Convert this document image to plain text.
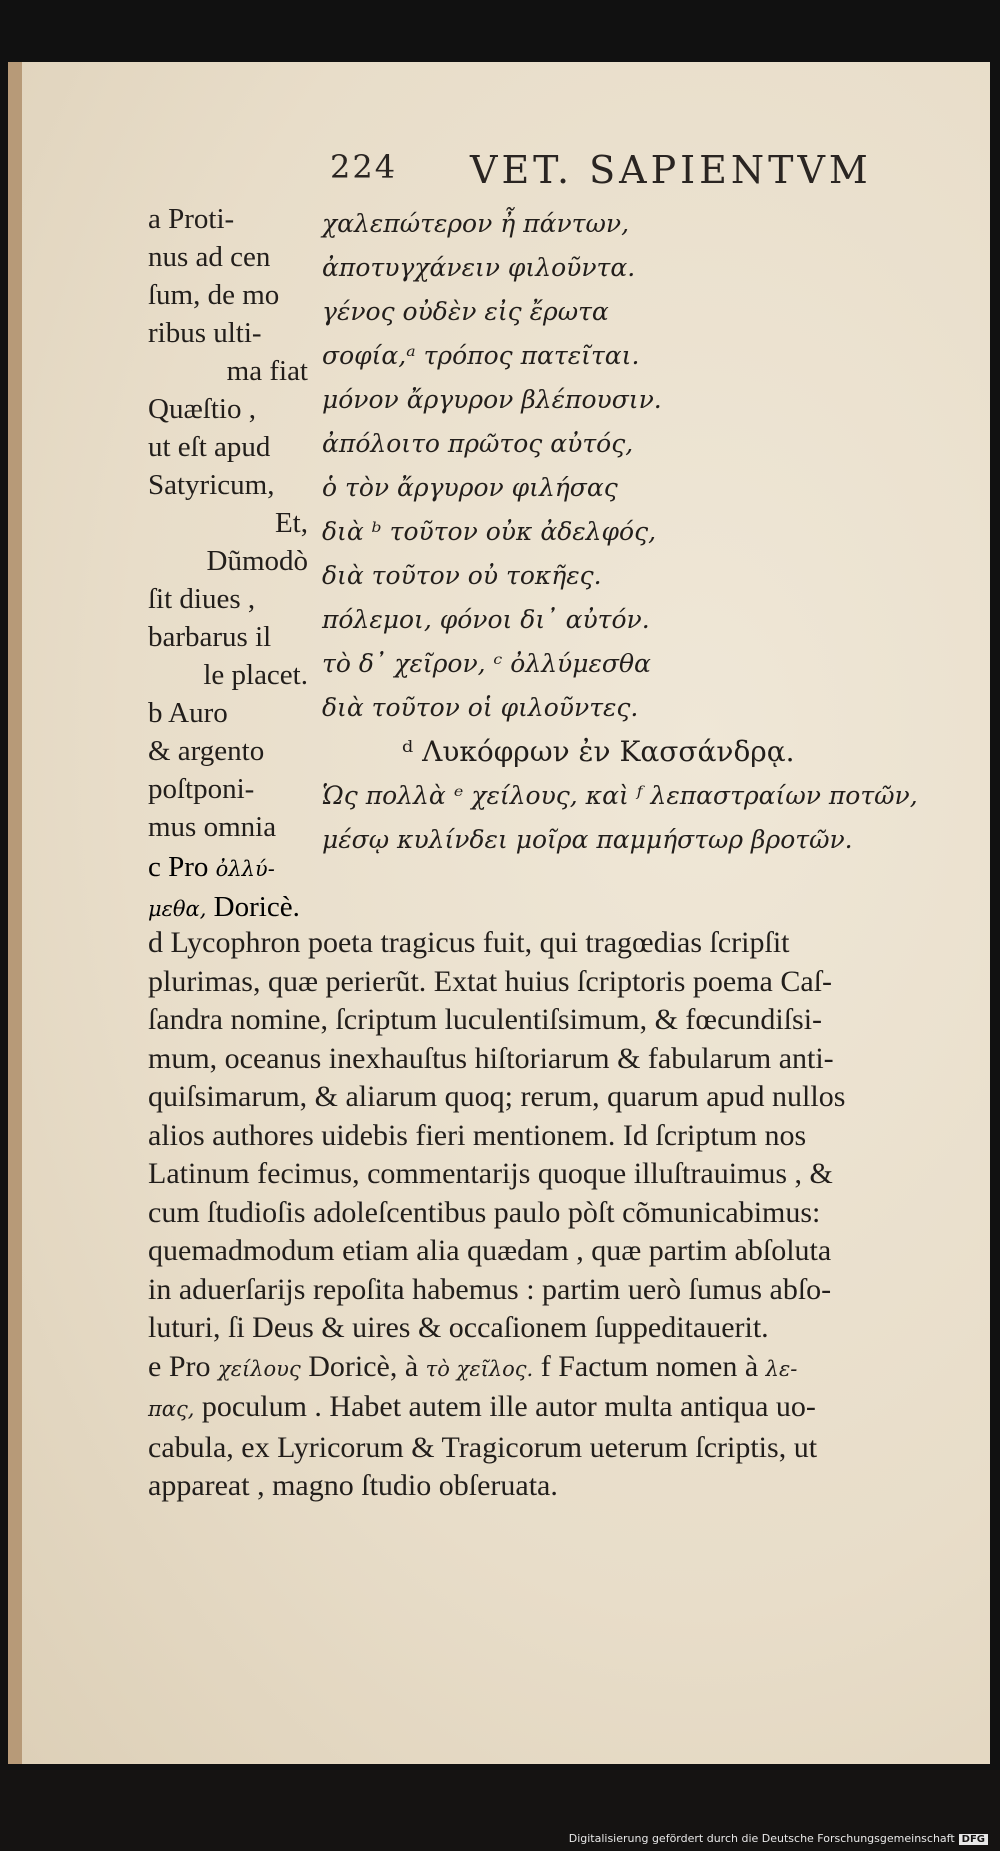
224 VET. SAPIENTVM
a Proti-
nus ad cen
ſum, de mo
ribus ulti-
ma fiat
Quæſtio ,
ut eſt apud
Satyricum,
Et,
Dũmodò
ſit diues ,
barbarus il
le placet.
b Auro
& argento
poſtponi-
mus omnia
χαλεπώτερον ἦ πάντων,
ἀποτυγχάνειν φιλοῦντα.
γένος οὐδὲν εἰς ἔρωτα
σοφία,ᵃ τρόπος πατεῖται.
μόνον ἄργυρον βλέπουσιν.
ἀπόλοιτο πρῶτος αὐτός,
ὁ τὸν ἄργυρον φιλήσας
διὰ ᵇ τοῦτον οὐκ ἀδελφός,
διὰ τοῦτον οὐ τοκῆες.
πόλεμοι, φόνοι δι᾽ αὐτόν.
τὸ δ᾽ χεῖρον, ᶜ ὀλλύμεσθα
διὰ τοῦτον οἱ φιλοῦντες.
ᵈ Λυκόφρων ἐν Κασσάνδρᾳ.
Ὡς πολλὰ ᵉ χείλους, καὶ ᶠ λεπαστραίων ποτῶν,
μέσῳ κυλίνδει μοῖρα παμμήστωρ βροτῶν.
c Pro ὀλλύ-
μεθα, Doricè.
d Lycophron poeta tragicus fuit, qui tragœdias ſcripſit
plurimas, quæ perierũt. Extat huius ſcriptoris poema Caſ-
ſandra nomine, ſcriptum luculentiſsimum, & fœcundiſsi-
mum, oceanus inexhauſtus hiſtoriarum & fabularum anti-
quiſsimarum, & aliarum quoq; rerum, quarum apud nullos
alios authores uidebis fieri mentionem. Id ſcriptum nos
Latinum fecimus, commentarijs quoque illuſtrauimus , &
cum ſtudioſis adoleſcentibus paulo pòſt cõmunicabimus:
quemadmodum etiam alia quædam , quæ partim abſoluta
in aduerſarijs repoſita habemus : partim uerò ſumus abſo-
luturi, ſi Deus & uires & occaſionem ſuppeditauerit.
e Pro χείλους Doricè, à τὸ χεῖλος. f Factum nomen à λε-
πας, poculum . Habet autem ille autor multa antiqua uo-
cabula, ex Lyricorum & Tragicorum ueterum ſcriptis, ut
appareat , magno ſtudio obſeruata.
Digitalisierung gefördert durch die Deutsche Forschungsgemeinschaft DFG
